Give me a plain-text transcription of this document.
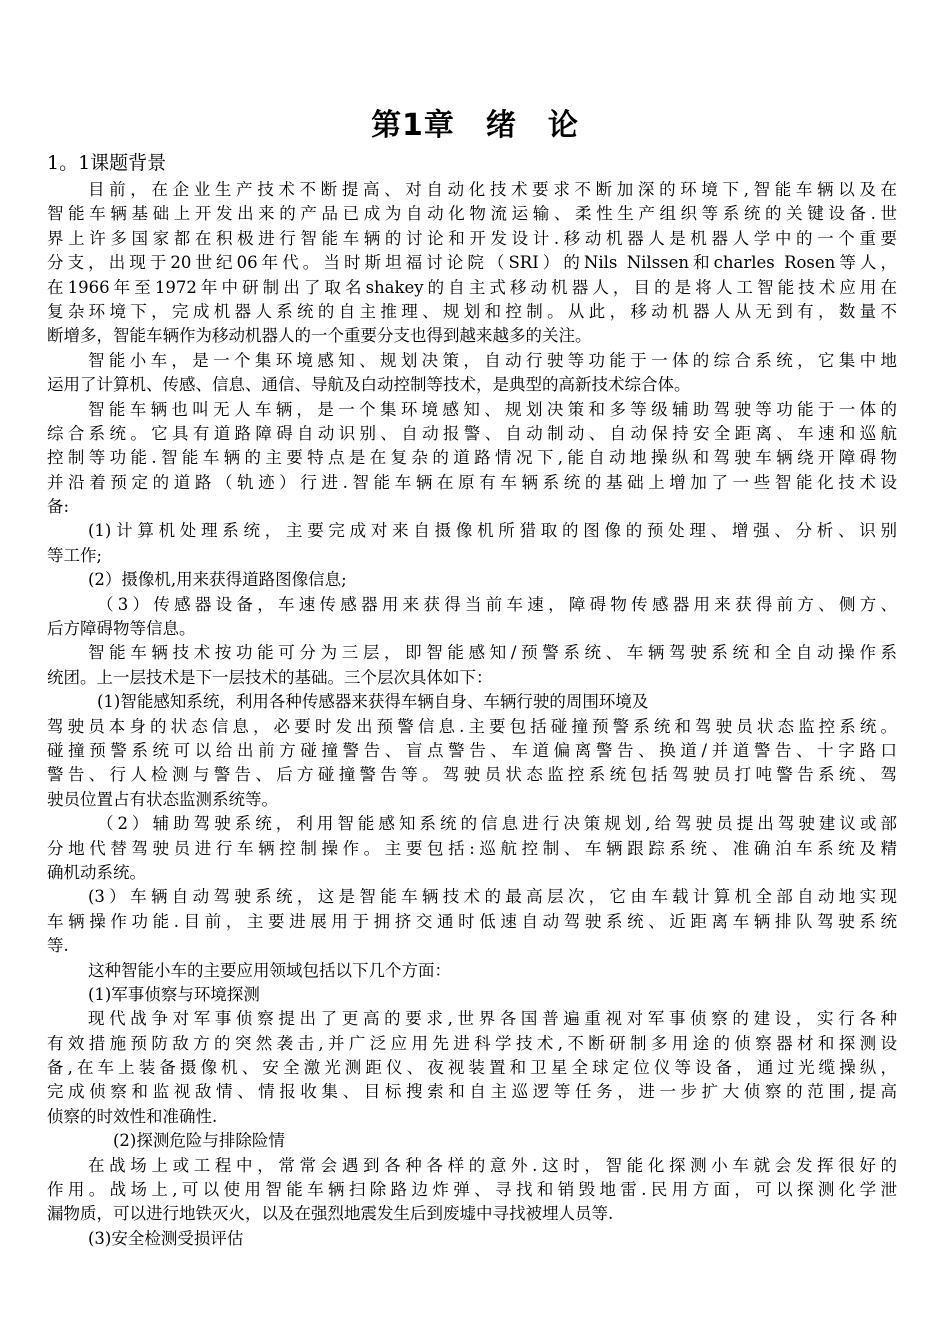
第1章　绪　论
1。1课题背景
目前，在企业生产技术不断提高、对自动化技术要求不断加深的环境下,智能车辆以及在
智能车辆基础上开发出来的产品已成为自动化物流运输、柔性生产组织等系统的关键设备.世
界上许多国家都在积极进行智能车辆的讨论和开发设计.移动机器人是机器人学中的一个重要
分支，出现于20世纪06年代。当时斯坦福讨论院（SRI）的Nils Nilssen和charles Rosen等人，
在1966年至1972年中研制出了取名shakey的自主式移动机器人，目的是将人工智能技术应用在
复杂环境下，完成机器人系统的自主推理、规划和控制。从此，移动机器人从无到有，数量不
断增多，智能车辆作为移动机器人的一个重要分支也得到越来越多的关注。
智能小车，是一个集环境感知、规划决策，自动行驶等功能于一体的综合系统，它集中地
运用了计算机、传感、信息、通信、导航及白动控制等技术，是典型的高新技术综合体。
智能车辆也叫无人车辆，是一个集环境感知、规划决策和多等级辅助驾驶等功能于一体的
综合系统。它具有道路障碍自动识别、自动报警、自动制动、自动保持安全距离、车速和巡航
控制等功能.智能车辆的主要特点是在复杂的道路情况下,能自动地操纵和驾驶车辆绕开障碍物
并沿着预定的道路（轨迹）行进.智能车辆在原有车辆系统的基础上增加了一些智能化技术设
备:
(1)计算机处理系统，主要完成对来自摄像机所猎取的图像的预处理、增强、分析、识别
等工作;
(2）摄像机,用来获得道路图像信息;
（3）传感器设备，车速传感器用来获得当前车速，障碍物传感器用来获得前方、侧方、
后方障碍物等信息。
智能车辆技术按功能可分为三层，即智能感知/预警系统、车辆驾驶系统和全自动操作系
统团。上一层技术是下一层技术的基础。三个层次具体如下：
(1)智能感知系统，利用各种传感器来获得车辆自身、车辆行驶的周围环境及
驾驶员本身的状态信息，必要时发出预警信息.主要包括碰撞预警系统和驾驶员状态监控系统。
碰撞预警系统可以给出前方碰撞警告、盲点警告、车道偏离警告、换道/并道警告、十字路口
警告、行人检测与警告、后方碰撞警告等。驾驶员状态监控系统包括驾驶员打吨警告系统、驾
驶员位置占有状态监测系统等。
（2）辅助驾驶系统，利用智能感知系统的信息进行决策规划,给驾驶员提出驾驶建议或部
分地代替驾驶员进行车辆控制操作。主要包括:巡航控制、车辆跟踪系统、准确泊车系统及精
确机动系统。
(3）车辆自动驾驶系统，这是智能车辆技术的最高层次，它由车载计算机全部自动地实现
车辆操作功能.目前，主要进展用于拥挤交通时低速自动驾驶系统、近距离车辆排队驾驶系统
等.
这种智能小车的主要应用领域包括以下几个方面：
(1)军事侦察与环境探测
现代战争对军事侦察提出了更高的要求,世界各国普遍重视对军事侦察的建设，实行各种
有效措施预防敌方的突然袭击,并广泛应用先进科学技术,不断研制多用途的侦察器材和探测设
备,在车上装备摄像机、安全激光测距仪、夜视装置和卫星全球定位仪等设备，通过光缆操纵，
完成侦察和监视敌情、情报收集、目标搜索和自主巡逻等任务，进一步扩大侦察的范围,提高
侦察的时效性和准确性.
(2)探测危险与排除险情
在战场上或工程中，常常会遇到各种各样的意外.这时，智能化探测小车就会发挥很好的
作用。战场上,可以使用智能车辆扫除路边炸弹、寻找和销毁地雷.民用方面，可以探测化学泄
漏物质，可以进行地铁灭火，以及在强烈地震发生后到废墟中寻找被埋人员等.
(3)安全检测受损评估
